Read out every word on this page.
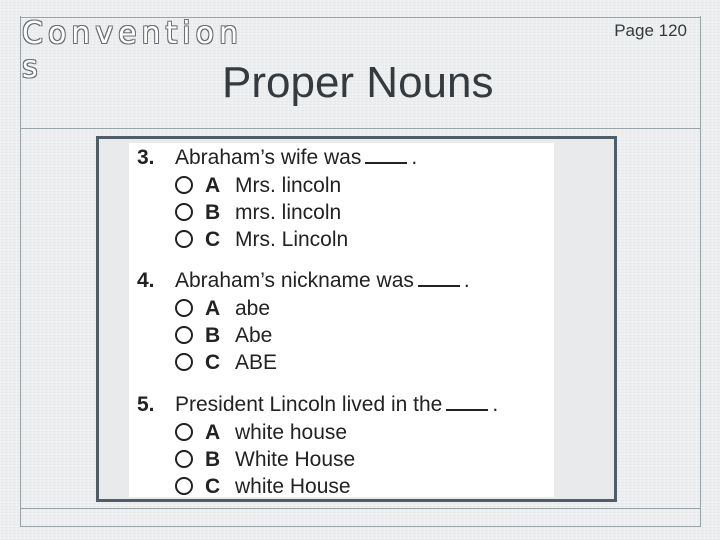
Conventions
Page 120
Proper Nouns
3. Abraham’s wife was .
A Mrs. lincoln
B mrs. lincoln
C Mrs. Lincoln
4. Abraham’s nickname was .
A abe
B Abe
C ABE
5. President Lincoln lived in the .
A white house
B White House
C white House
